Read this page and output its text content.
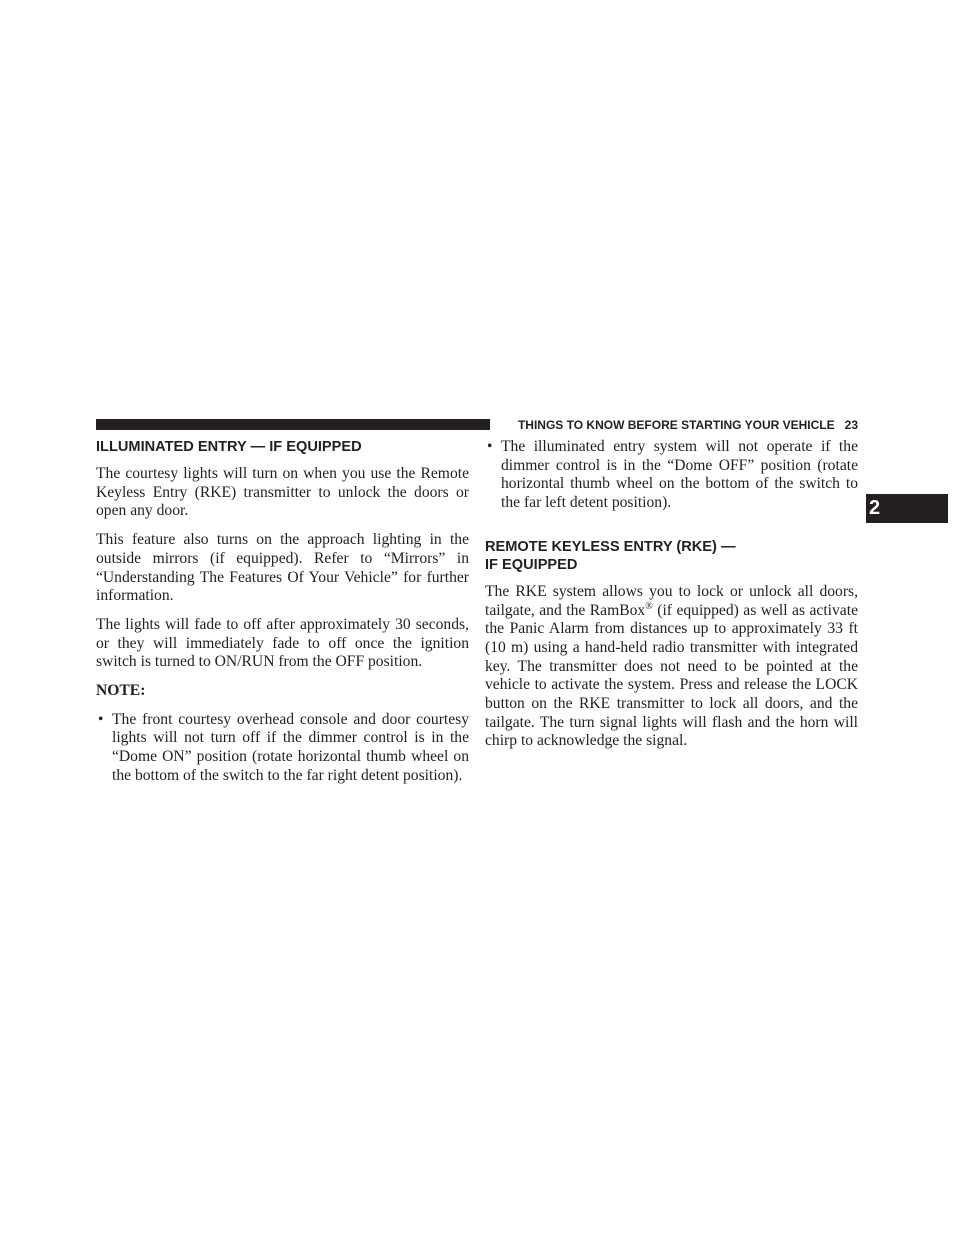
THINGS TO KNOW BEFORE STARTING YOUR VEHICLE 23
2
ILLUMINATED ENTRY — IF EQUIPPED

The courtesy lights will turn on when you use the Remote Keyless Entry (RKE) transmitter to unlock the doors or open any door.

This feature also turns on the approach lighting in the outside mirrors (if equipped). Refer to “Mirrors” in “Understanding The Features Of Your Vehicle” for further information.

The lights will fade to off after approximately 30 seconds, or they will immediately fade to off once the ignition switch is turned to ON/RUN from the OFF position.

NOTE:

• The front courtesy overhead console and door courtesy lights will not turn off if the dimmer control is in the “Dome ON” position (rotate horizontal thumb wheel on the bottom of the switch to the far right detent position).
• The illuminated entry system will not operate if the dimmer control is in the “Dome OFF” position (rotate horizontal thumb wheel on the bottom of the switch to the far left detent position).
REMOTE KEYLESS ENTRY (RKE) —
IF EQUIPPED

The RKE system allows you to lock or unlock all doors, tailgate, and the RamBox® (if equipped) as well as activate the Panic Alarm from distances up to approximately 33 ft (10 m) using a hand-held radio transmitter with integrated key. The transmitter does not need to be pointed at the vehicle to activate the system. Press and release the LOCK button on the RKE transmitter to lock all doors, and the tailgate. The turn signal lights will flash and the horn will chirp to acknowledge the signal.
